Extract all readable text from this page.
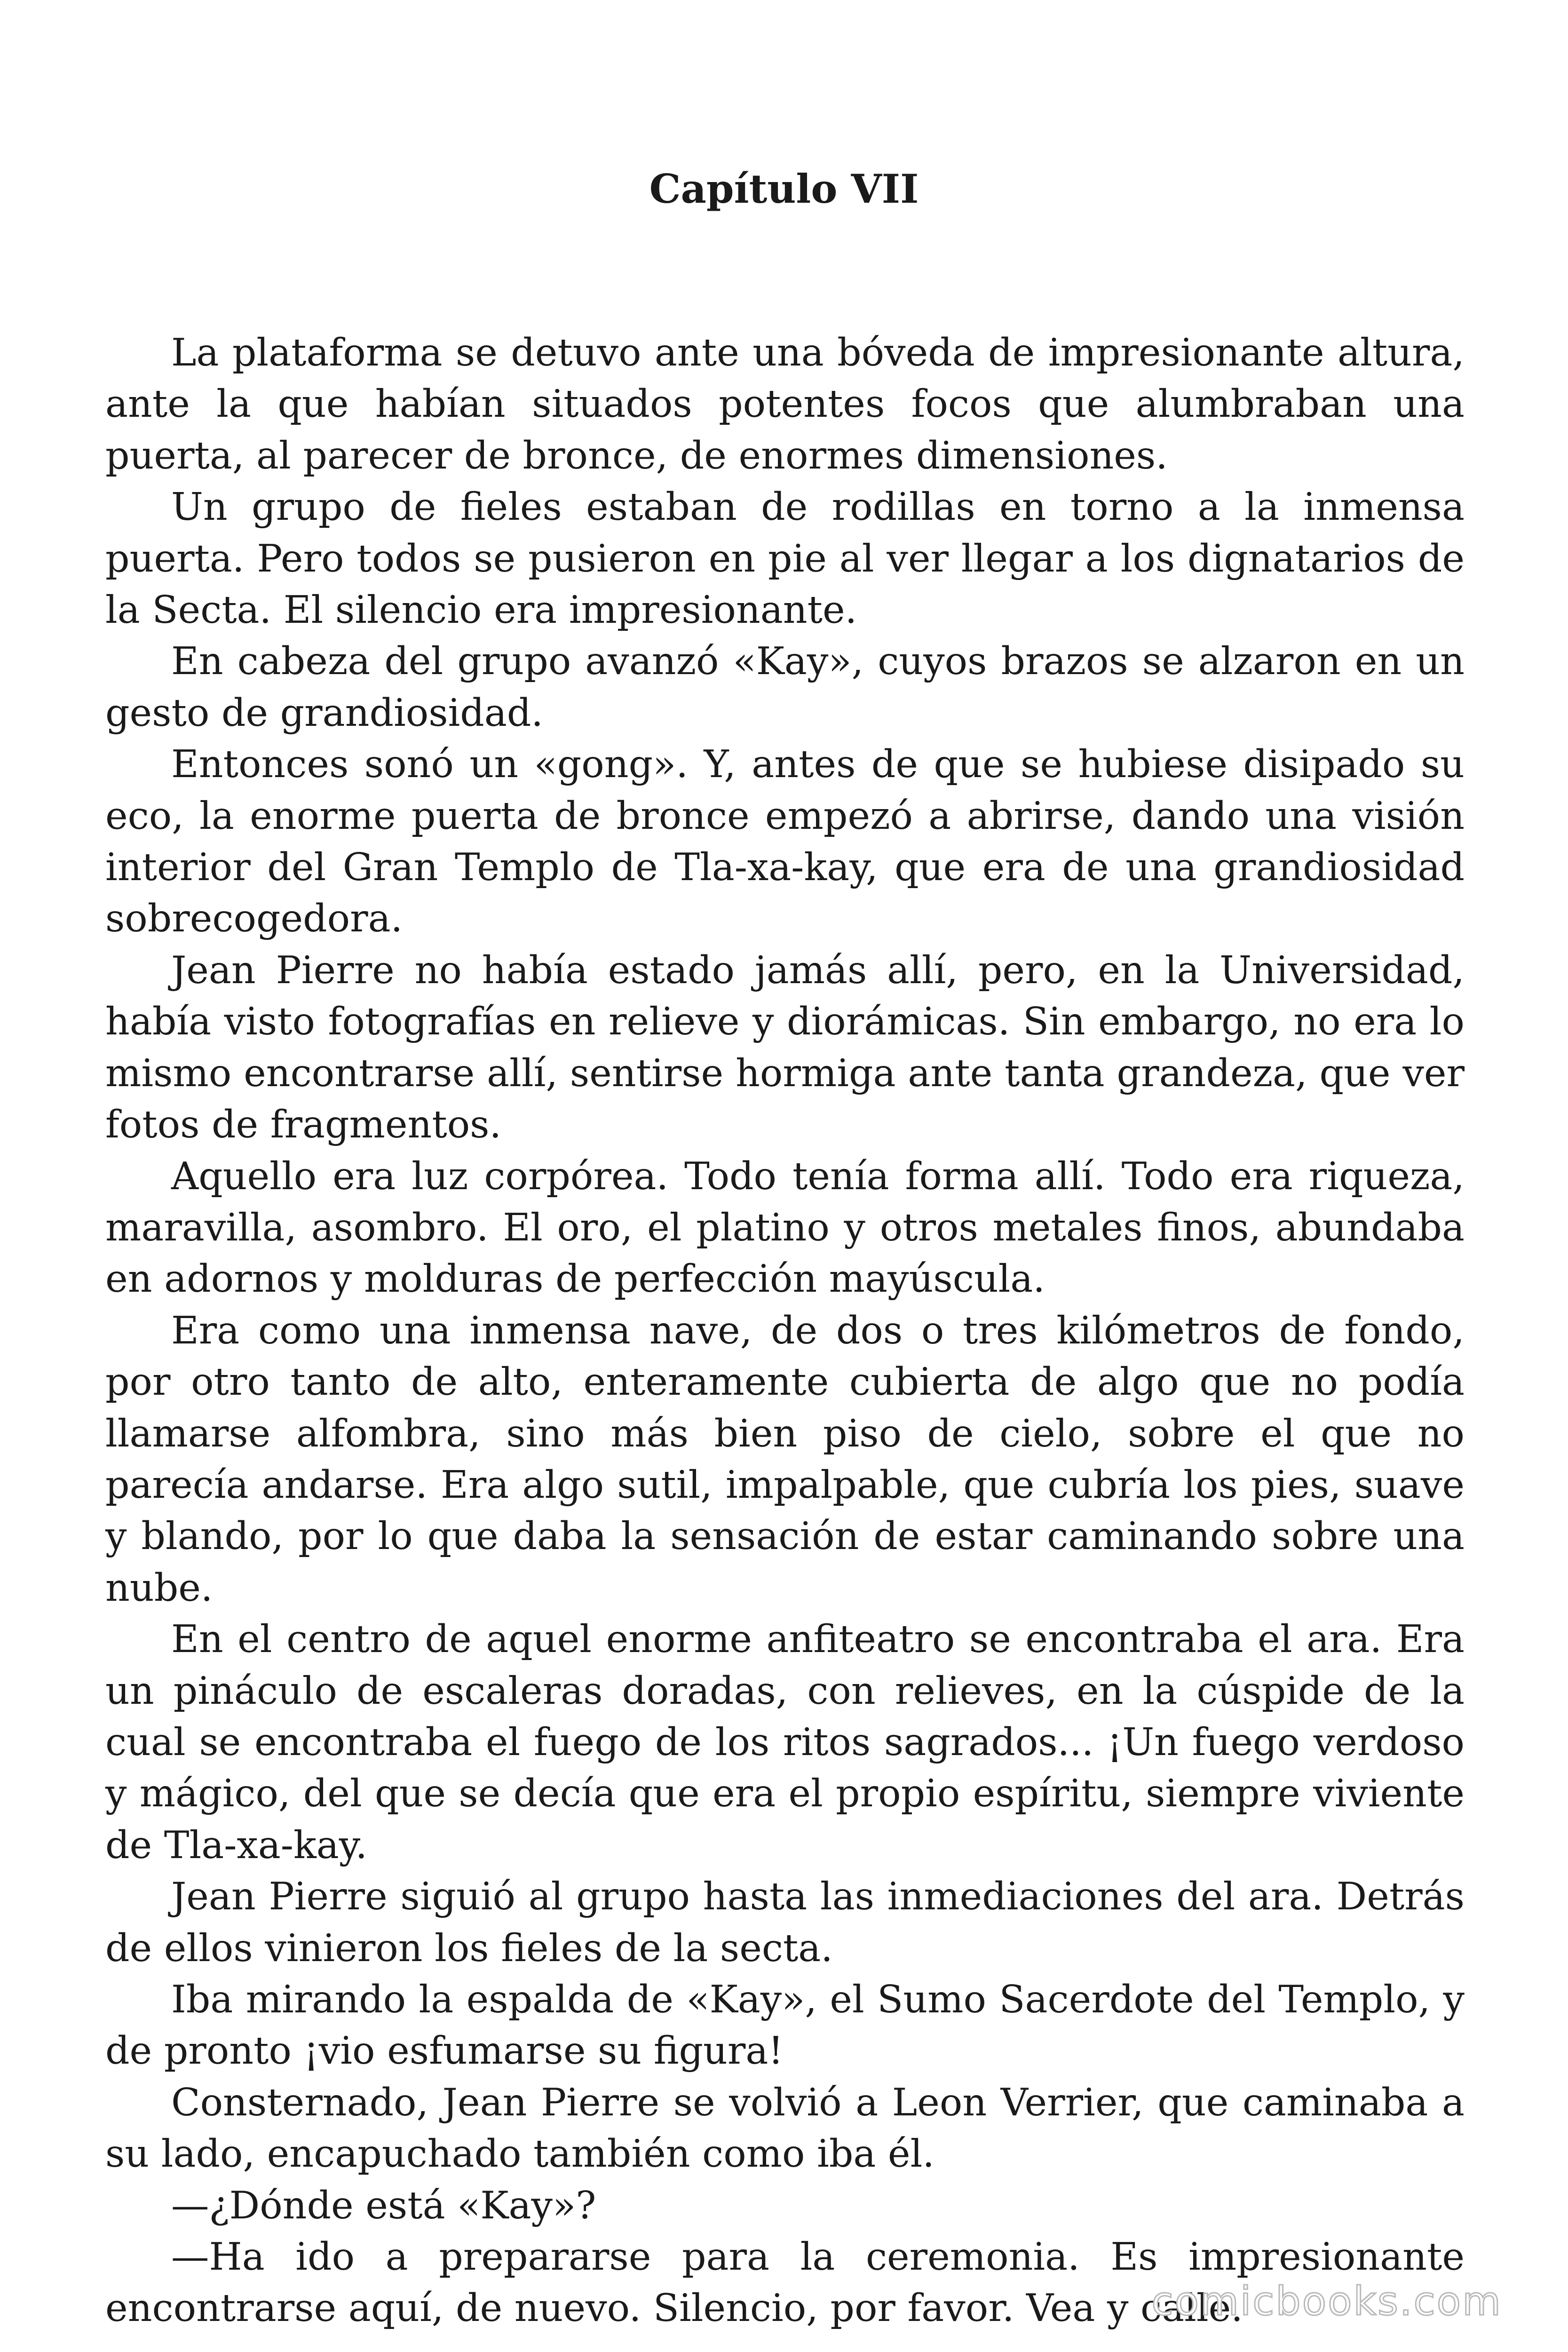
Capítulo VII

La plataforma se detuvo ante una bóveda de impresionante altura, ante la que habían situados potentes focos que alumbraban una puerta, al parecer de bronce, de enormes dimensiones.

Un grupo de fieles estaban de rodillas en torno a la inmensa puerta. Pero todos se pusieron en pie al ver llegar a los dignatarios de la Secta. El silencio era impresionante.

En cabeza del grupo avanzó «Kay», cuyos brazos se alzaron en un gesto de grandiosidad.

Entonces sonó un «gong». Y, antes de que se hubiese disipado su eco, la enorme puerta de bronce empezó a abrirse, dando una visión interior del Gran Templo de Tla-xa-kay, que era de una grandiosidad sobrecogedora.

Jean Pierre no había estado jamás allí, pero, en la Universidad, había visto fotografías en relieve y diorámicas. Sin embargo, no era lo mismo encontrarse allí, sentirse hormiga ante tanta grandeza, que ver fotos de fragmentos.

Aquello era luz corpórea. Todo tenía forma allí. Todo era riqueza, maravilla, asombro. El oro, el platino y otros metales finos, abundaba en adornos y molduras de perfección mayúscula.

Era como una inmensa nave, de dos o tres kilómetros de fondo, por otro tanto de alto, enteramente cubierta de algo que no podía llamarse alfombra, sino más bien piso de cielo, sobre el que no parecía andarse. Era algo sutil, impalpable, que cubría los pies, suave y blando, por lo que daba la sensación de estar caminando sobre una nube.

En el centro de aquel enorme anfiteatro se encontraba el ara. Era un pináculo de escaleras doradas, con relieves, en la cúspide de la cual se encontraba el fuego de los ritos sagrados... ¡Un fuego verdoso y mágico, del que se decía que era el propio espíritu, siempre viviente de Tla-xa-kay.

Jean Pierre siguió al grupo hasta las inmediaciones del ara. Detrás de ellos vinieron los fieles de la secta.

Iba mirando la espalda de «Kay», el Sumo Sacerdote del Templo, y de pronto ¡vio esfumarse su figura!

Consternado, Jean Pierre se volvió a Leon Verrier, que caminaba a su lado, encapuchado también como iba él.

—¿Dónde está «Kay»?

—Ha ido a prepararse para la ceremonia. Es impresionante encontrarse aquí, de nuevo. Silencio, por favor. Vea y calle.

comicbooks.com
